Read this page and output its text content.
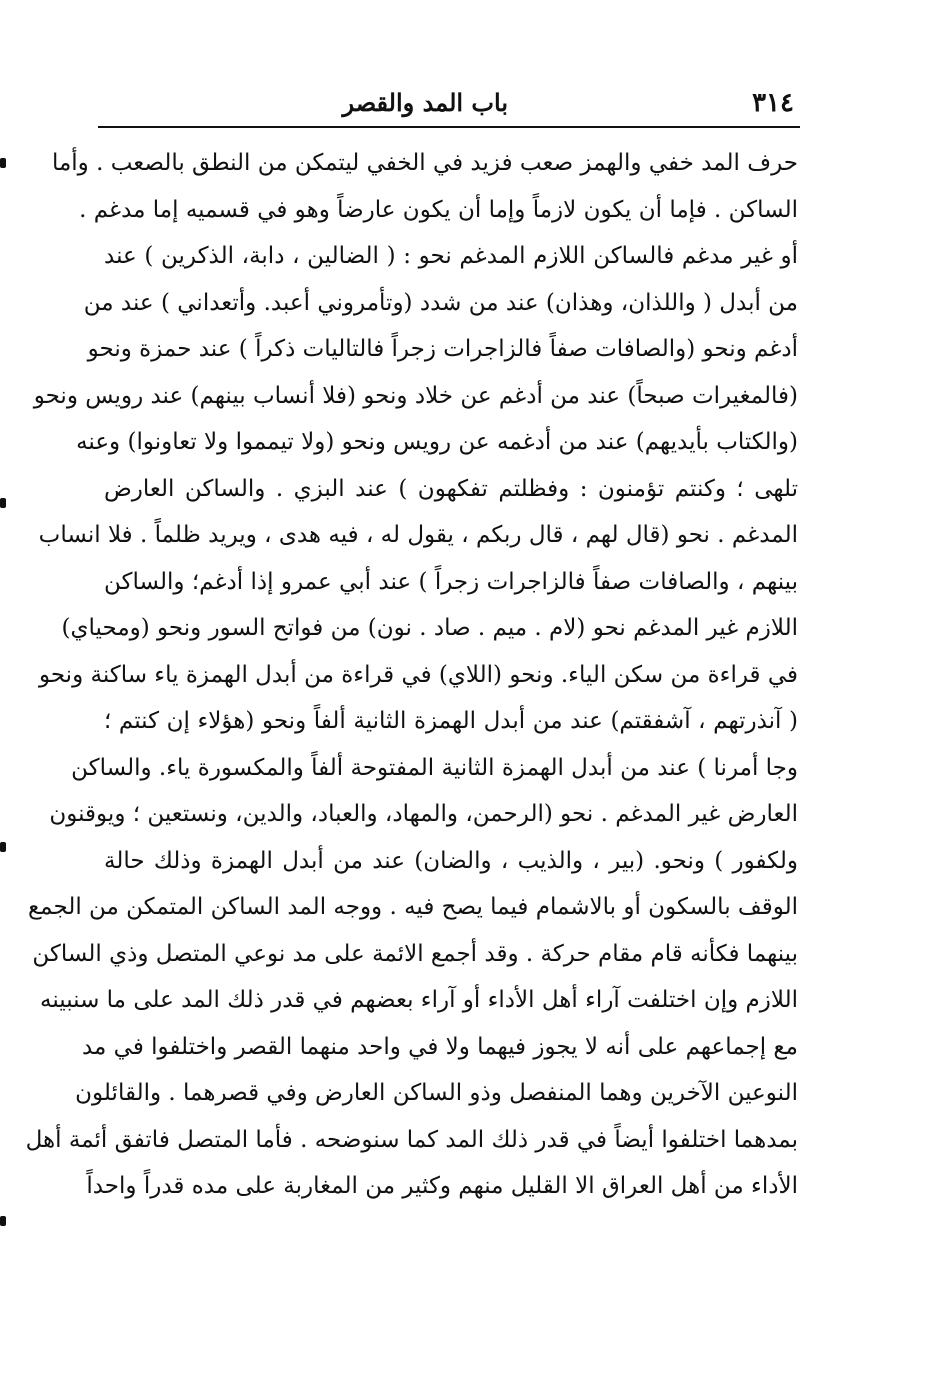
٣١٤
باب المد والقصر
حرف المد خفي والهمز صعب فزيد في الخفي ليتمكن من النطق بالصعب . وأما
الساكن . فإما أن يكون لازماً وإما أن يكون عارضاً وهو في قسميه إما مدغم .
أو غير مدغم فالساكن اللازم المدغم نحو : ( الضالين ، دابة، الذكرين ) عند
من أبدل ( واللذان، وهذان) عند من شدد (وتأمروني أعبد. وأتعداني ) عند من
أدغم ونحو (والصافات صفاً فالزاجرات زجراً فالتاليات ذكراً ) عند حمزة ونحو
(فالمغيرات صبحاً) عند من أدغم عن خلاد ونحو (فلا أنساب بينهم) عند رويس ونحو
(والكتاب بأيديهم) عند من أدغمه عن رويس ونحو (ولا تيمموا ولا تعاونوا) وعنه
تلهى ؛ وكنتم تؤمنون : وفظلتم تفكهون ) عند البزي . والساكن العارض
المدغم . نحو (قال لهم ، قال ربكم ، يقول له ، فيه هدى ، ويريد ظلماً . فلا انساب
بينهم ، والصافات صفاً فالزاجرات زجراً ) عند أبي عمرو إذا أدغم؛ والساكن
اللازم غير المدغم نحو (لام . ميم . صاد . نون) من فواتح السور ونحو (ومحياي)
في قراءة من سكن الياء. ونحو (اللاي) في قراءة من أبدل الهمزة ياء ساكنة ونحو
( آنذرتهم ، آشفقتم) عند من أبدل الهمزة الثانية ألفاً ونحو (هؤلاء إن كنتم ؛
وجا أمرنا ) عند من أبدل الهمزة الثانية المفتوحة ألفاً والمكسورة ياء. والساكن
العارض غير المدغم . نحو (الرحمن، والمهاد، والعباد، والدين، ونستعين ؛ ويوقنون
ولكفور ) ونحو. (بير ، والذيب ، والضان) عند من أبدل الهمزة وذلك حالة
الوقف بالسكون أو بالاشمام فيما يصح فيه . ووجه المد الساكن المتمكن من الجمع
بينهما فكأنه قام مقام حركة . وقد أجمع الائمة على مد نوعي المتصل وذي الساكن
اللازم وإن اختلفت آراء أهل الأداء أو آراء بعضهم في قدر ذلك المد على ما سنبينه
مع إجماعهم على أنه لا يجوز فيهما ولا في واحد منهما القصر واختلفوا في مد
النوعين الآخرين وهما المنفصل وذو الساكن العارض وفي قصرهما . والقائلون
بمدهما اختلفوا أيضاً في قدر ذلك المد كما سنوضحه . فأما المتصل فاتفق أئمة أهل
الأداء من أهل العراق الا القليل منهم وكثير من المغاربة على مده قدراً واحداً
